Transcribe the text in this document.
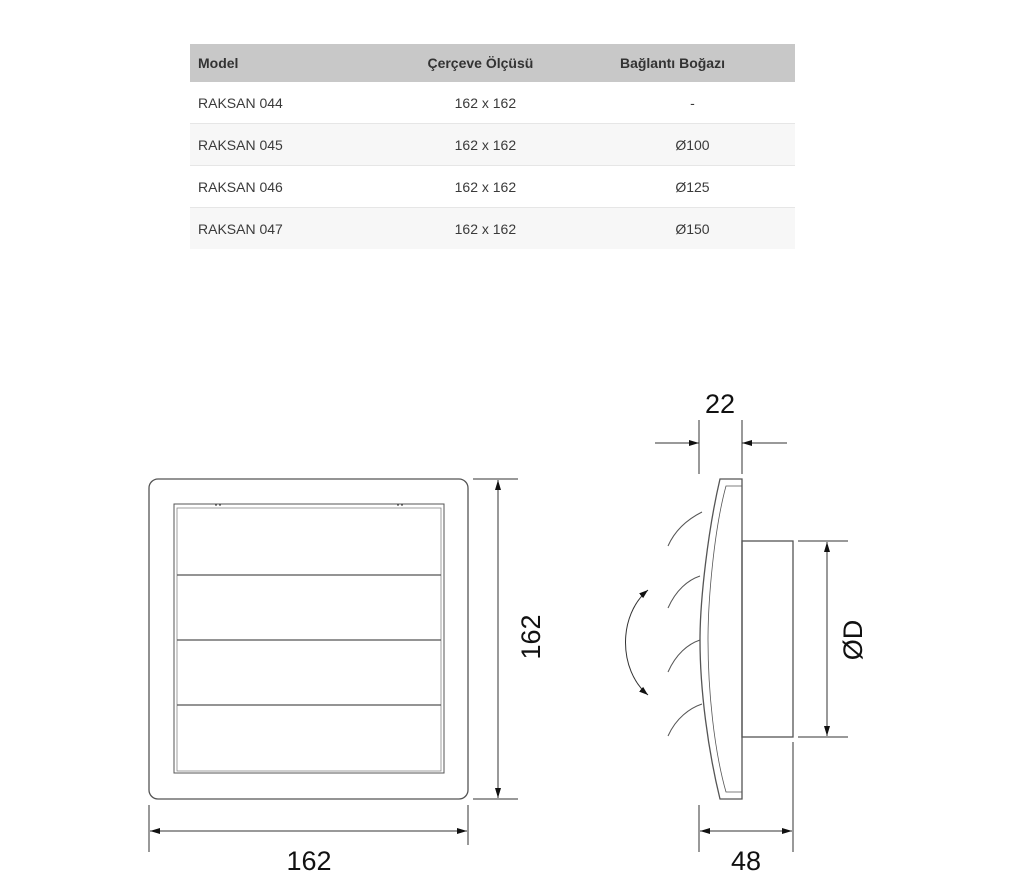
Model	Çerçeve Ölçüsü	Bağlantı Boğazı

RAKSAN 044	162 x 162	-
RAKSAN 045	162 x 162	Ø100
RAKSAN 046	162 x 162	Ø125
RAKSAN 047	162 x 162	Ø150
162
162
22
48
ØD
